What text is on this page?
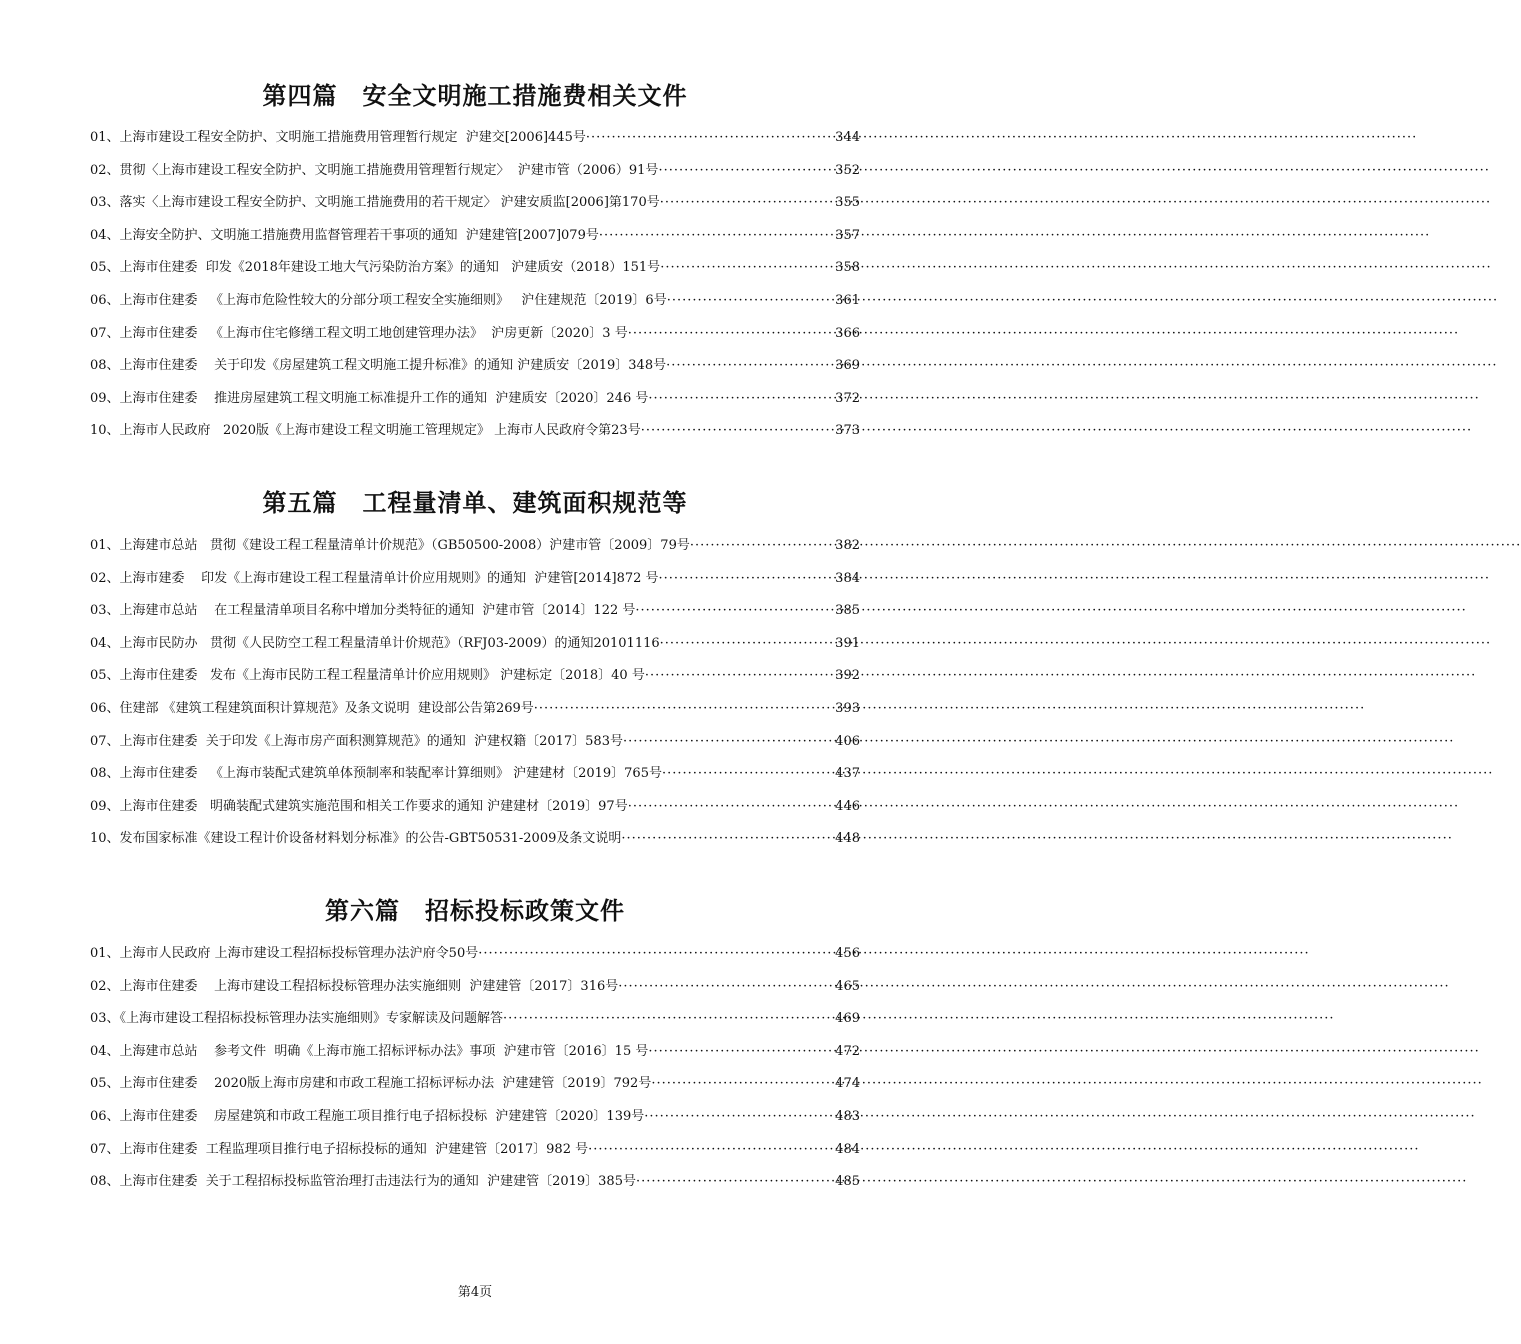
第四篇　安全文明施工措施费相关文件
01、上海市建设工程安全防护、文明施工措施费用管理暂行规定  沪建交[2006]445号 ·····	344
02、贯彻〈上海市建设工程安全防护、文明施工措施费用管理暂行规定〉  沪建市管（2006）91号 ·····	352
03、落实〈上海市建设工程安全防护、文明施工措施费用的若干规定〉 沪建安质监[2006]第170号 ·····	355
04、上海安全防护、文明施工措施费用监督管理若干事项的通知  沪建建管[2007]079号 ·····	357
05、上海市住建委  印发《2018年建设工地大气污染防治方案》的通知   沪建质安（2018）151号 ·····	358
06、上海市住建委   《上海市危险性较大的分部分项工程安全实施细则》   沪住建规范〔2019〕6号 ·····	361
07、上海市住建委   《上海市住宅修缮工程文明工地创建管理办法》  沪房更新〔2020〕3 号 ·····	366
08、上海市住建委    关于印发《房屋建筑工程文明施工提升标准》的通知 沪建质安〔2019〕348号 ·····	369
09、上海市住建委    推进房屋建筑工程文明施工标准提升工作的通知  沪建质安〔2020〕246 号 ·····	372
10、上海市人民政府   2020版《上海市建设工程文明施工管理规定》 上海市人民政府令第23号 ·····	373
第五篇　工程量清单、建筑面积规范等
01、上海建市总站   贯彻《建设工程工程量清单计价规范》（GB50500-2008）沪建市管〔2009〕79号 ·····	382
02、上海市建委    印发《上海市建设工程工程量清单计价应用规则》的通知  沪建管[2014]872 号 ·····	384
03、上海建市总站    在工程量清单项目名称中增加分类特征的通知  沪建市管〔2014〕122 号 ·····	385
04、上海市民防办   贯彻《人民防空工程工程量清单计价规范》（RFJ03-2009）的通知20101116 ·····	391
05、上海市住建委   发布《上海市民防工程工程量清单计价应用规则》 沪建标定〔2018〕40 号 ·····	392
06、住建部 《建筑工程建筑面积计算规范》及条文说明  建设部公告第269号 ·····	393
07、上海市住建委  关于印发《上海市房产面积测算规范》的通知  沪建权籍〔2017〕583号 ·····	406
08、上海市住建委   《上海市装配式建筑单体预制率和装配率计算细则》 沪建建材〔2019〕765号 ·····	437
09、上海市住建委   明确装配式建筑实施范围和相关工作要求的通知 沪建建材〔2019〕97号 ·····	446
10、发布国家标准《建设工程计价设备材料划分标准》的公告-GBT50531-2009及条文说明 ·····	448
第六篇　招标投标政策文件
01、上海市人民政府 上海市建设工程招标投标管理办法沪府令50号 ·····	456
02、上海市住建委    上海市建设工程招标投标管理办法实施细则  沪建建管〔2017〕316号 ·····	465
03、《上海市建设工程招标投标管理办法实施细则》专家解读及问题解答 ·····	469
04、上海建市总站    参考文件  明确《上海市施工招标评标办法》事项  沪建市管〔2016〕15 号 ·····	472
05、上海市住建委    2020版上海市房建和市政工程施工招标评标办法  沪建建管〔2019〕792号 ·····	474
06、上海市住建委    房屋建筑和市政工程施工项目推行电子招标投标  沪建建管〔2020〕139号 ·····	483
07、上海市住建委  工程监理项目推行电子招标投标的通知  沪建建管〔2017〕982 号 ·····	484
08、上海市住建委  关于工程招标投标监管治理打击违法行为的通知  沪建建管〔2019〕385号 ·····	485
第4页
